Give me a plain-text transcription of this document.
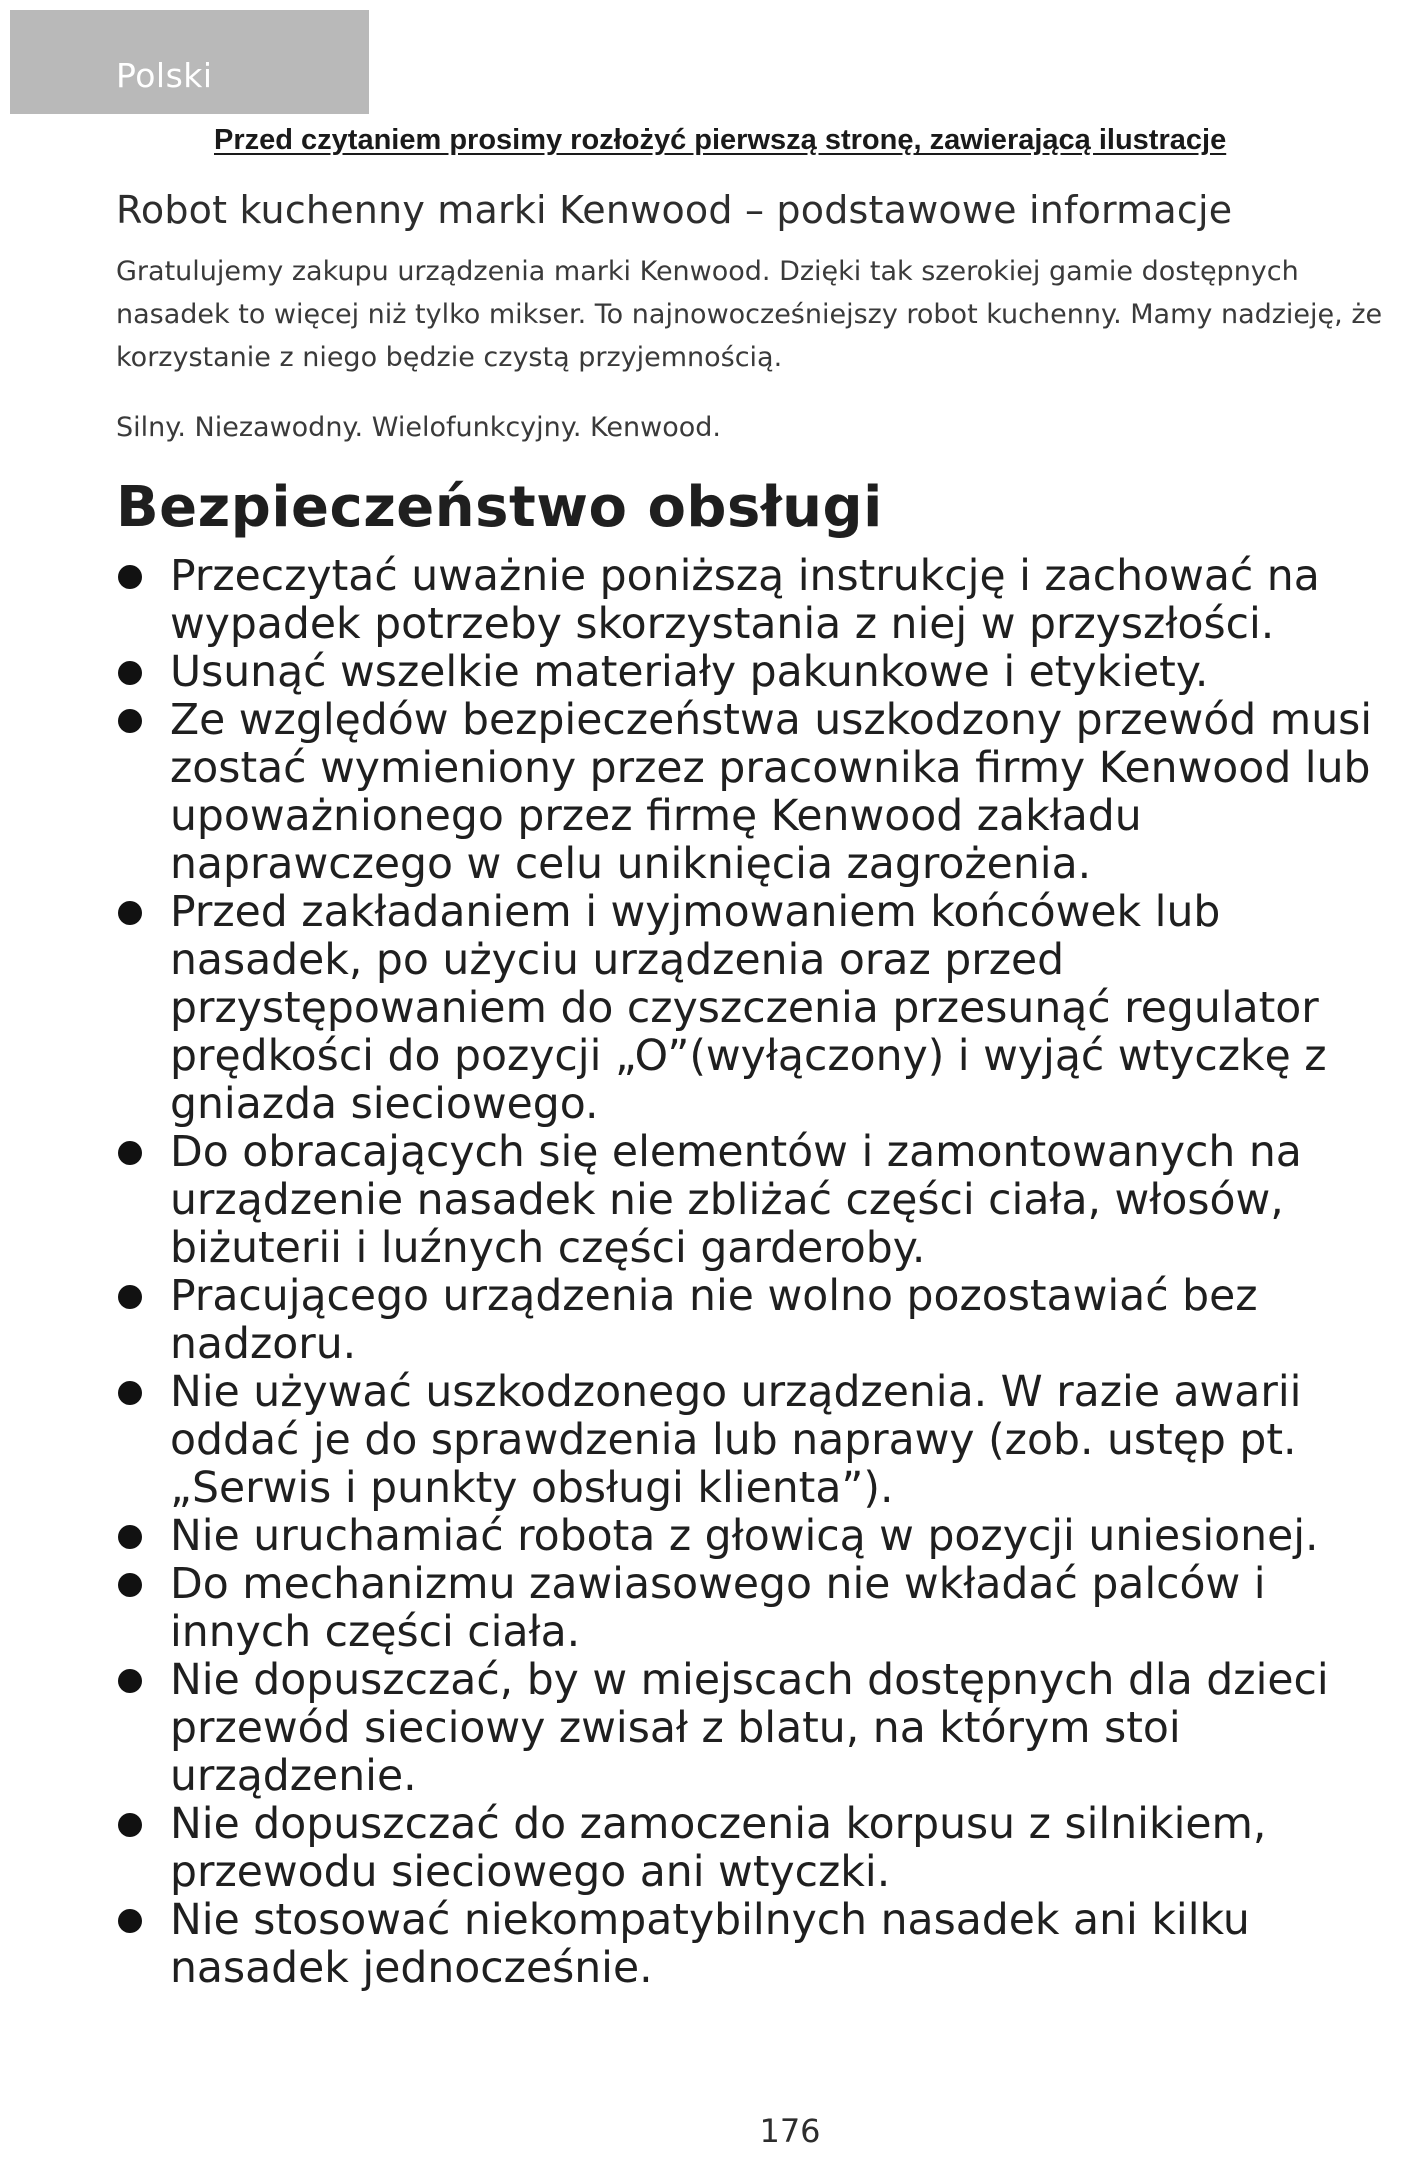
Polski
Przed czytaniem prosimy rozłożyć pierwszą stronę, zawierającą ilustracje
Robot kuchenny marki Kenwood – podstawowe informacje

Gratulujemy zakupu urządzenia marki Kenwood. Dzięki tak szerokiej gamie dostępnych nasadek to więcej niż tylko mikser. To najnowocześniejszy robot kuchenny. Mamy nadzieję, że korzystanie z niego będzie czystą przyjemnością.

Silny. Niezawodny. Wielofunkcyjny. Kenwood.

Bezpieczeństwo obsługi
Przeczytać uważnie poniższą instrukcję i zachować na wypadek potrzeby skorzystania z niej w przyszłości.
Usunąć wszelkie materiały pakunkowe i etykiety.
Ze względów bezpieczeństwa uszkodzony przewód musi zostać wymieniony przez pracownika firmy Kenwood lub upoważnionego przez firmę Kenwood zakładu naprawczego w celu uniknięcia zagrożenia.
Przed zakładaniem i wyjmowaniem końcówek lub nasadek, po użyciu urządzenia oraz przed przystępowaniem do czyszczenia przesunąć regulator prędkości do pozycji „O”(wyłączony) i wyjąć wtyczkę z gniazda sieciowego.
Do obracających się elementów i zamontowanych na urządzenie nasadek nie zbliżać części ciała, włosów, biżuterii i luźnych części garderoby.
Pracującego urządzenia nie wolno pozostawiać bez nadzoru.
Nie używać uszkodzonego urządzenia. W razie awarii oddać je do sprawdzenia lub naprawy (zob. ustęp pt. „Serwis i punkty obsługi klienta”).
Nie uruchamiać robota z głowicą w pozycji uniesionej.
Do mechanizmu zawiasowego nie wkładać palców i innych części ciała.
Nie dopuszczać, by w miejscach dostępnych dla dzieci przewód sieciowy zwisał z blatu, na którym stoi urządzenie.
Nie dopuszczać do zamoczenia korpusu z silnikiem, przewodu sieciowego ani wtyczki.
Nie stosować niekompatybilnych nasadek ani kilku nasadek jednocześnie.
176
